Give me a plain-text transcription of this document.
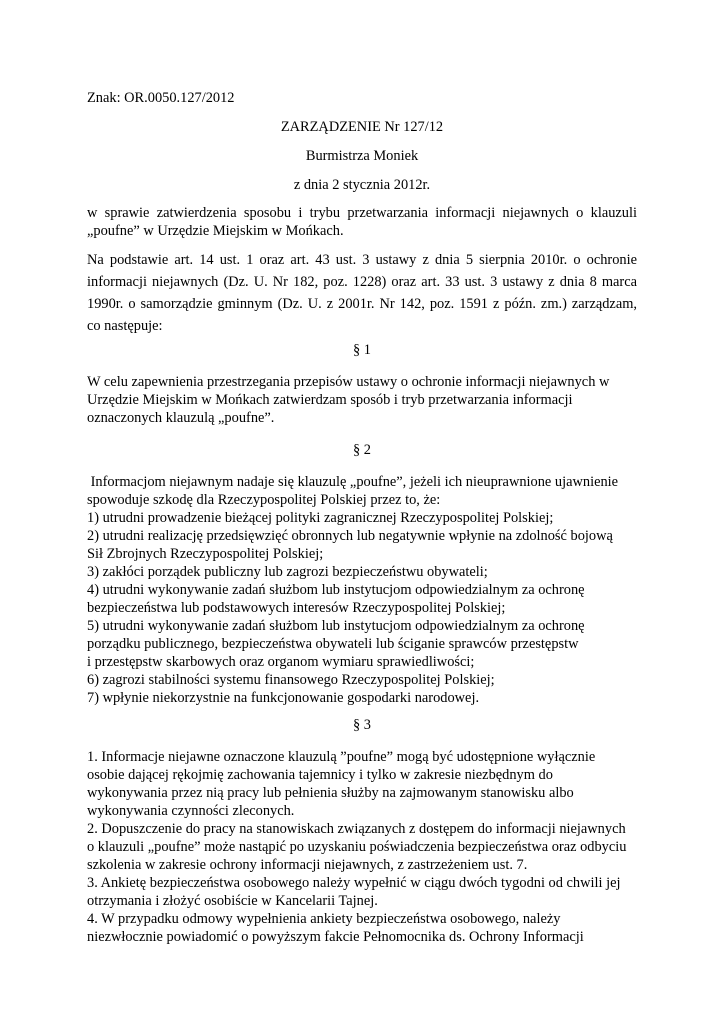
Znak: OR.0050.127/2012
ZARZĄDZENIE Nr 127/12
Burmistrza Moniek
z dnia 2 stycznia 2012r.
w sprawie zatwierdzenia sposobu i trybu przetwarzania informacji niejawnych o klauzuli
„poufne” w Urzędzie Miejskim w Mońkach.
Na podstawie art. 14 ust. 1 oraz art. 43 ust. 3 ustawy z dnia 5 sierpnia 2010r. o ochronie
informacji niejawnych (Dz. U. Nr 182, poz. 1228) oraz art. 33 ust. 3 ustawy z dnia 8 marca
1990r. o samorządzie gminnym (Dz. U. z 2001r. Nr 142, poz. 1591 z późn. zm.) zarządzam,
co następuje:
§ 1
W celu zapewnienia przestrzegania przepisów ustawy o ochronie informacji niejawnych w
Urzędzie Miejskim w Mońkach zatwierdzam sposób i tryb przetwarzania informacji
oznaczonych klauzulą „poufne”.
§ 2
Informacjom niejawnym nadaje się klauzulę „poufne”, jeżeli ich nieuprawnione ujawnienie
spowoduje szkodę dla Rzeczypospolitej Polskiej przez to, że:
1) utrudni prowadzenie bieżącej polityki zagranicznej Rzeczypospolitej Polskiej;
2) utrudni realizację przedsięwzięć obronnych lub negatywnie wpłynie na zdolność bojową
Sił Zbrojnych Rzeczypospolitej Polskiej;
3) zakłóci porządek publiczny lub zagrozi bezpieczeństwu obywateli;
4) utrudni wykonywanie zadań służbom lub instytucjom odpowiedzialnym za ochronę
bezpieczeństwa lub podstawowych interesów Rzeczypospolitej Polskiej;
5) utrudni wykonywanie zadań służbom lub instytucjom odpowiedzialnym za ochronę
porządku publicznego, bezpieczeństwa obywateli lub ściganie sprawców przestępstw
i przestępstw skarbowych oraz organom wymiaru sprawiedliwości;
6) zagrozi stabilności systemu finansowego Rzeczypospolitej Polskiej;
7) wpłynie niekorzystnie na funkcjonowanie gospodarki narodowej.
§ 3
1. Informacje niejawne oznaczone klauzulą ”poufne” mogą być udostępnione wyłącznie
osobie dającej rękojmię zachowania tajemnicy i tylko w zakresie niezbędnym do
wykonywania przez nią pracy lub pełnienia służby na zajmowanym stanowisku albo
wykonywania czynności zleconych.
2. Dopuszczenie do pracy na stanowiskach związanych z dostępem do informacji niejawnych
o klauzuli „poufne” może nastąpić po uzyskaniu poświadczenia bezpieczeństwa oraz odbyciu
szkolenia w zakresie ochrony informacji niejawnych, z zastrzeżeniem ust. 7.
3. Ankietę bezpieczeństwa osobowego należy wypełnić w ciągu dwóch tygodni od chwili jej
otrzymania i złożyć osobiście w Kancelarii Tajnej.
4. W przypadku odmowy wypełnienia ankiety bezpieczeństwa osobowego, należy
niezwłocznie powiadomić o powyższym fakcie Pełnomocnika ds. Ochrony Informacji
